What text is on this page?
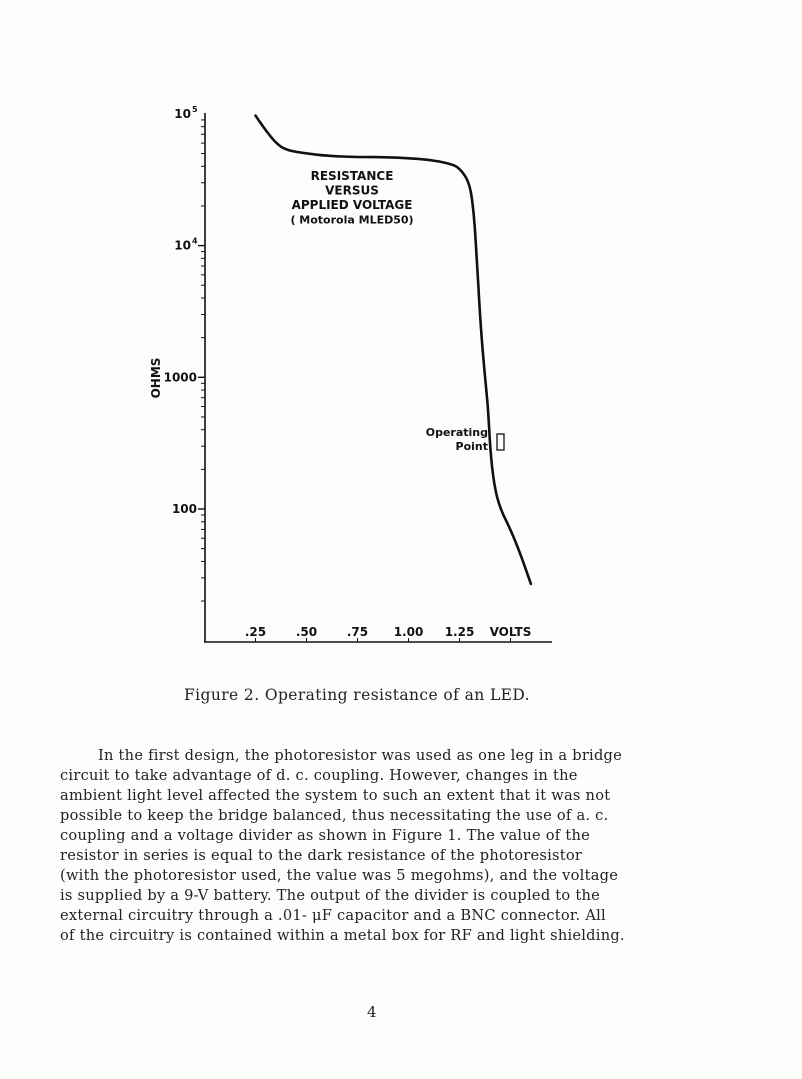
10 5
10 4
1000
100
.25 .50 .75 1.00 1.25 VOLTS
RESISTANCE
VERSUS
APPLIED VOLTAGE
( Motorola MLED50)
Operating
Point
OHMS
Figure 2. Operating resistance of an LED.
In the first design, the photoresistor was used as one leg in a bridge
circuit to take advantage of d. c. coupling. However, changes in the
ambient light level affected the system to such an extent that it was not
possible to keep the bridge balanced, thus necessitating the use of a. c.
coupling and a voltage divider as shown in Figure 1. The value of the
resistor in series is equal to the dark resistance of the photoresistor
(with the photoresistor used, the value was 5 megohms), and the voltage
is supplied by a 9-V battery. The output of the divider is coupled to the
external circuitry through a .01- μF capacitor and a BNC connector. All
of the circuitry is contained within a metal box for RF and light shielding.
4
